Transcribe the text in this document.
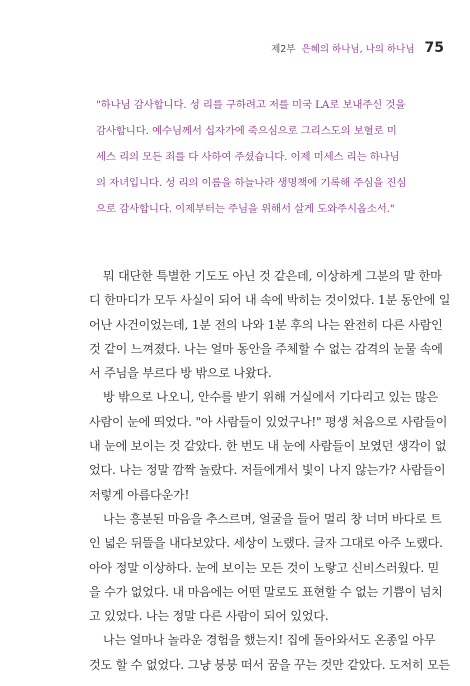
제2부 은혜의 하나님, 나의 하나님 75
"하나님 감사합니다. 성 리를 구하려고 저를 미국 LA로 보내주신 것을
감사합니다. 예수님께서 십자가에 죽으심으로 그리스도의 보혈로 미
세스 리의 모든 죄를 다 사하여 주셨습니다. 이제 미세스 리는 하나님
의 자녀입니다. 성 리의 이름을 하늘나라 생명책에 기록해 주심을 진심
으로 감사합니다. 이제부터는 주님을 위해서 살게 도와주시옵소서."
뭐 대단한 특별한 기도도 아닌 것 같은데, 이상하게 그분의 말 한마
디 한마디가 모두 사실이 되어 내 속에 박히는 것이었다. 1분 동안에 일
어난 사건이었는데, 1분 전의 나와 1분 후의 나는 완전히 다른 사람인
것 같이 느껴졌다. 나는 얼마 동안을 주체할 수 없는 감격의 눈물 속에
서 주님을 부르다 방 밖으로 나왔다.
방 밖으로 나오니, 안수를 받기 위해 거실에서 기다리고 있는 많은
사람이 눈에 띄었다. "아 사람들이 있었구나!" 평생 처음으로 사람들이
내 눈에 보이는 것 같았다. 한 번도 내 눈에 사람들이 보였던 생각이 없
었다. 나는 정말 깜짝 놀랐다. 저들에게서 빛이 나지 않는가? 사람들이
저렇게 아름다운가!
나는 흥분된 마음을 추스르며, 얼굴을 들어 멀리 창 너머 바다로 트
인 넓은 뒤뜰을 내다보았다. 세상이 노랬다. 글자 그대로 아주 노랬다.
아아 정말 이상하다. 눈에 보이는 모든 것이 노랗고 신비스러웠다. 믿
을 수가 없었다. 내 마음에는 어떤 말로도 표현할 수 없는 기쁨이 넘치
고 있었다. 나는 정말 다른 사람이 되어 있었다.
나는 얼마나 놀라운 경험을 했는지! 집에 돌아와서도 온종일 아무
것도 할 수 없었다. 그냥 붕붕 떠서 꿈을 꾸는 것만 같았다. 도저히 모든
